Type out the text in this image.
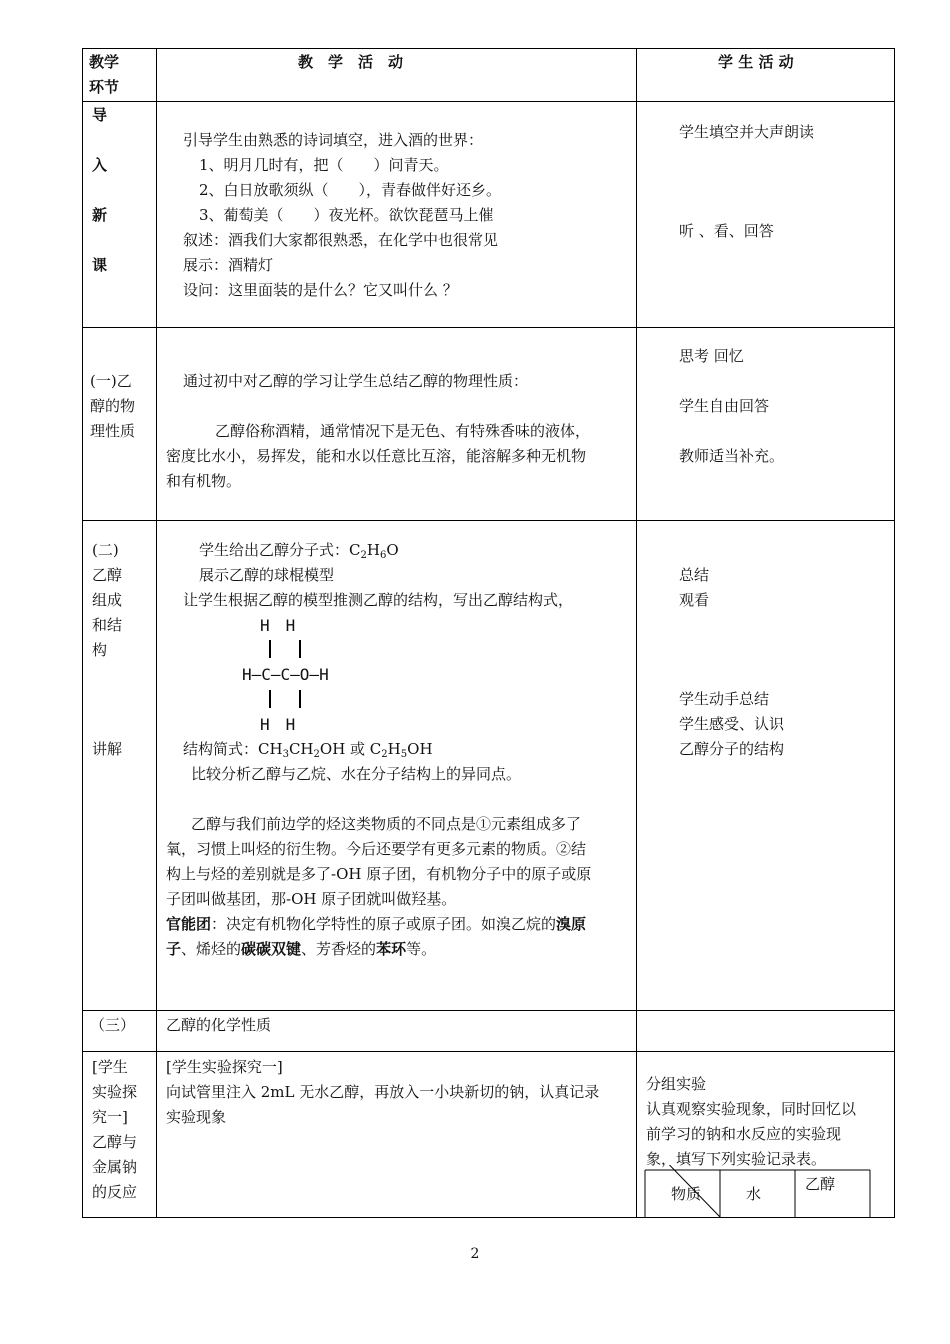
教学
环节
教　学　活　动	学 生 活 动
导
入
新
课
引导学生由熟悉的诗词填空，进入酒的世界：
1、明月几时有，把（　　）问青天。
2、白日放歌须纵（　　），青春做伴好还乡。
3、葡萄美（　　）夜光杯。欲饮琵琶马上催
叙述：酒我们大家都很熟悉，在化学中也很常见
展示：酒精灯
设问：这里面装的是什么？它又叫什么 ？
学生填空并大声朗读
听 、看、回答
(一)乙
醇的物
理性质
通过初中对乙醇的学习让学生总结乙醇的物理性质：
乙醇俗称酒精，通常情况下是无色、有特殊香味的液体，
密度比水小，易挥发，能和水以任意比互溶，能溶解多种无机物
和有机物。
思考 回忆
学生自由回答
教师适当补充。
(二)
乙醇
组成
和结
构
讲解
学生给出乙醇分子式：$C_2H_6O$
展示乙醇的球棍模型
让学生根据乙醇的模型推测乙醇的结构，写出乙醇结构式，
H　H
H—C—C—O—H
H　H
结构简式：$CH_3CH_2OH$ 或 $C_2H_5OH$
比较分析乙醇与乙烷、水在分子结构上的异同点。
乙醇与我们前边学的烃这类物质的不同点是①元素组成多了
氧，习惯上叫烃的衍生物。今后还要学有更多元素的物质。②结
构上与烃的差别就是多了-OH 原子团，有机物分子中的原子或原
子团叫做基团，那-OH 原子团就叫做羟基。
官能团：决定有机物化学特性的原子或原子团。如溴乙烷的溴原
子、烯烃的碳碳双键、芳香烃的苯环等。
总结
观看
学生动手总结
学生感受、认识
乙醇分子的结构
（三） 乙醇的化学性质
[学生
实验探
究一]
乙醇与
金属钠
的反应
[学生实验探究一]
向试管里注入 2mL 无水乙醇，再放入一小块新切的钠，认真记录
实验现象
分组实验
认真观察实验现象，同时回忆以
前学习的钠和水反应的实验现
象，填写下列实验记录表。
物质	水
乙醇
2
